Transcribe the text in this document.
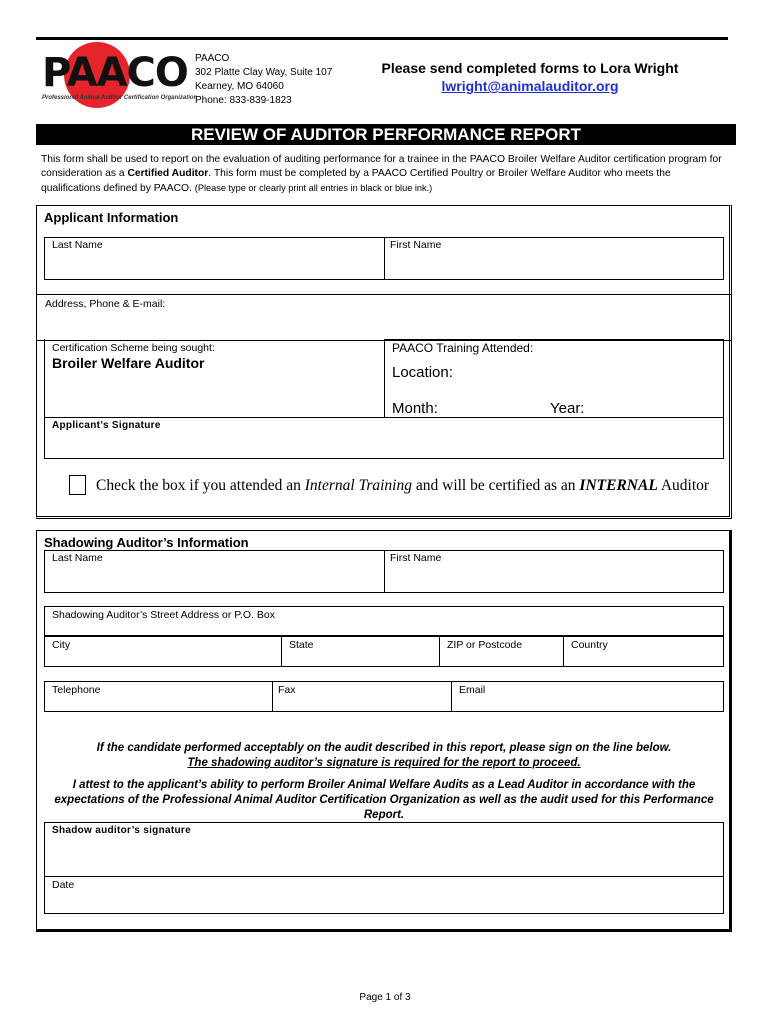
PAACO
Professional Animal Auditor Certification Organization
PAACO
302 Platte Clay Way, Suite 107
Kearney, MO 64060
Phone: 833-839-1823
Please send completed forms to Lora Wright
lwright@animalauditor.org
REVIEW OF AUDITOR PERFORMANCE REPORT
This form shall be used to report on the evaluation of auditing performance for a trainee in the PAACO Broiler Welfare Auditor certification program for consideration as a Certified Auditor. This form must be completed by a PAACO Certified Poultry or Broiler Welfare Auditor who meets the qualifications defined by PAACO. (Please type or clearly print all entries in black or blue ink.)
Applicant Information
Last Name	First Name
Address, Phone & E-mail:
Certification Scheme being sought:
Broiler Welfare Auditor
PAACO Training Attended:
Location:
Month:	Year:
Applicant’s Signature
Check the box if you attended an Internal Training and will be certified as an INTERNAL Auditor
Shadowing Auditor’s Information
Last Name	First Name
Shadowing Auditor’s Street Address or P.O. Box
City	State	ZIP or Postcode	Country
Telephone	Fax	Email
If the candidate performed acceptably on the audit described in this report, please sign on the line below.
The shadowing auditor’s signature is required for the report to proceed.
I attest to the applicant’s ability to perform Broiler Animal Welfare Audits as a Lead Auditor in accordance with the expectations of the Professional Animal Auditor Certification Organization as well as the audit used for this Performance Report.
Shadow auditor’s signature
Date
Page 1 of 3
